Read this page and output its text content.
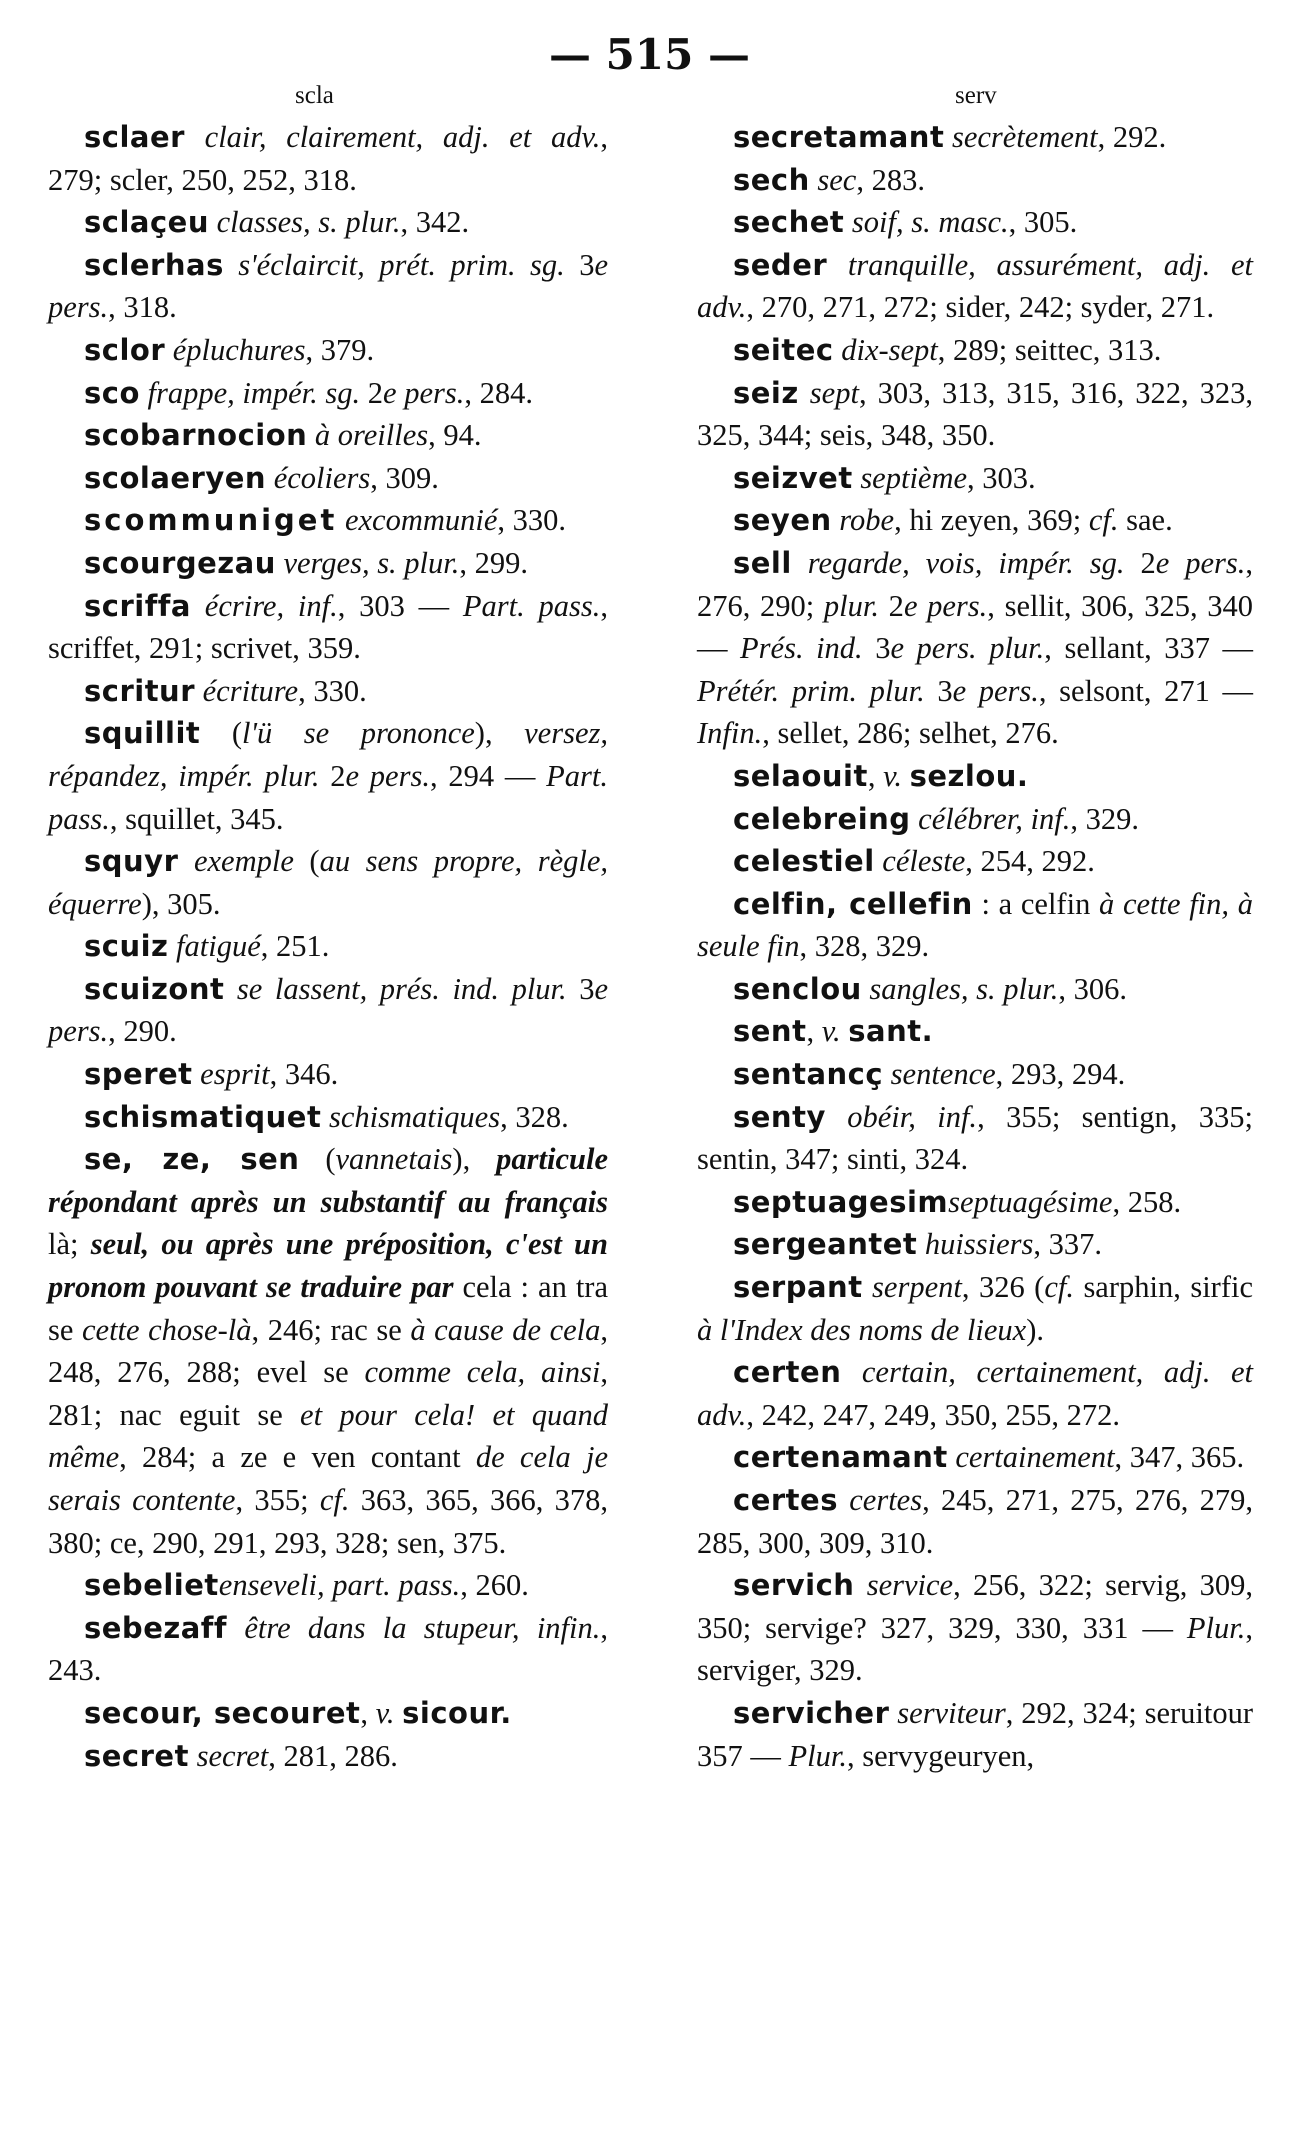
— 515 —
scla	serv

sclaer clair, clairement, adj. et adv., 279; scler, 250, 252, 318.

sclaçeu classes, s. plur., 342.

sclerhas s'éclaircit, prét. prim. sg. 3e pers., 318.

sclor épluchures, 379.

sco frappe, impér. sg. 2e pers., 284.

scobarnocion à oreilles, 94.

scolaeryen écoliers, 309.

scommuniget excommunié, 330.

scourgezau verges, s. plur., 299.

scriffa écrire, inf., 303 — Part. pass., scriffet, 291; scrivet, 359.

scritur écriture, 330.

squillit (l'ü se prononce), versez, répandez, impér. plur. 2e pers., 294 — Part. pass., squillet, 345.

squyr exemple (au sens propre, règle, équerre), 305.

scuiz fatigué, 251.

scuizont se lassent, prés. ind. plur. 3e pers., 290.

speret esprit, 346.

schismatiquet schismatiques, 328.

se, ze, sen (vannetais), particule répondant après un substantif au français là; seul, ou après une préposition, c'est un pronom pouvant se traduire par cela : an tra se cette chose-là, 246; rac se à cause de cela, 248, 276, 288; evel se comme cela, ainsi, 281; nac eguit se et pour cela! et quand même, 284; a ze e ven contant de cela je serais contente, 355; cf. 363, 365, 366, 378, 380; ce, 290, 291, 293, 328; sen, 375.

sebelietenseveli, part. pass., 260.

sebezaff être dans la stupeur, infin., 243.

secour, secouret, v. sicour.

secret secret, 281, 286.

secretamant secrètement, 292.

sech sec, 283.

sechet soif, s. masc., 305.

seder tranquille, assurément, adj. et adv., 270, 271, 272; sider, 242; syder, 271.

seitec dix-sept, 289; seittec, 313.

seiz sept, 303, 313, 315, 316, 322, 323, 325, 344; seis, 348, 350.

seizvet septième, 303.

seyen robe, hi zeyen, 369; cf. sae.

sell regarde, vois, impér. sg. 2e pers., 276, 290; plur. 2e pers., sellit, 306, 325, 340 — Prés. ind. 3e pers. plur., sellant, 337 — Prétér. prim. plur. 3e pers., selsont, 271 — Infin., sellet, 286; selhet, 276.

selaouit, v. sezlou.

celebreing célébrer, inf., 329.

celestiel céleste, 254, 292.

celfin, cellefin : a celfin à cette fin, à seule fin, 328, 329.

senclou sangles, s. plur., 306.

sent, v. sant.

sentancç sentence, 293, 294.

senty obéir, inf., 355; sentign, 335; sentin, 347; sinti, 324.

septuagesimseptuagésime, 258.

sergeantet huissiers, 337.

serpant serpent, 326 (cf. sarphin, sirfic à l'Index des noms de lieux).

certen certain, certainement, adj. et adv., 242, 247, 249, 350, 255, 272.

certenamant certainement, 347, 365.

certes certes, 245, 271, 275, 276, 279, 285, 300, 309, 310.

servich service, 256, 322; servig, 309, 350; servige? 327, 329, 330, 331 — Plur., serviger, 329.

servicher serviteur, 292, 324; seruitour 357 — Plur., servygeuryen,
